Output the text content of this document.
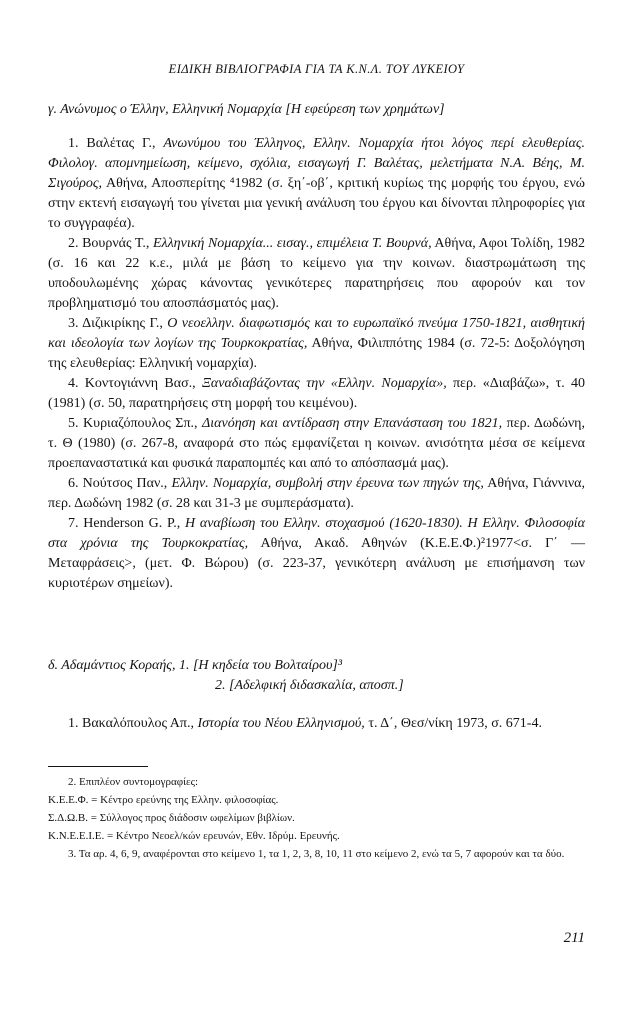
ΕΙΔΙΚΗ ΒΙΒΛΙΟΓΡΑΦΙΑ ΓΙΑ ΤΑ Κ.Ν.Λ. ΤΟΥ ΛΥΚΕΙΟΥ

γ. Ανώνυμος ο Έλλην, Ελληνική Νομαρχία [Η εφεύρεση των χρημάτων]

1. Βαλέτας Γ., Ανωνύμου του Έλληνος, Ελλην. Νομαρχία ήτοι λόγος περί ελευθερίας. Φιλολογ. απομνημείωση, κείμενο, σχόλια, εισαγωγή Γ. Βαλέτας, μελετήματα Ν.Α. Βέης, Μ. Σιγούρος, Αθήνα, Αποσπερίτης ⁴1982 (σ. ξη΄-οβ΄, κριτική κυρίως της μορφής του έργου, ενώ στην εκτενή εισαγωγή του γίνεται μια γενική ανάλυση του έργου και δίνονται πληροφορίες για το συγγραφέα).

2. Βουρνάς Τ., Ελληνική Νομαρχία... εισαγ., επιμέλεια Τ. Βουρνά, Αθήνα, Αφοι Τολίδη, 1982 (σ. 16 και 22 κ.ε., μιλά με βάση το κείμενο για την κοινων. διαστρωμάτωση της υποδουλωμένης χώρας κάνοντας γενικότερες παρατηρήσεις που αφορούν και τον προβληματισμό του αποσπάσματός μας).

3. Διζικιρίκης Γ., Ο νεοελλην. διαφωτισμός και το ευρωπαϊκό πνεύμα 1750-1821, αισθητική και ιδεολογία των λογίων της Τουρκοκρατίας, Αθήνα, Φιλιππότης 1984 (σ. 72-5: Δοξολόγηση της ελευθερίας: Ελληνική νομαρχία).

4. Κοντογιάννη Βασ., Ξαναδιαβάζοντας την «Ελλην. Νομαρχία», περ. «Διαβάζω», τ. 40 (1981) (σ. 50, παρατηρήσεις στη μορφή του κειμένου).

5. Κυριαζόπουλος Σπ., Διανόηση και αντίδραση στην Επανάσταση του 1821, περ. Δωδώνη, τ. Θ (1980) (σ. 267-8, αναφορά στο πώς εμφανίζεται η κοινων. ανισότητα μέσα σε κείμενα προεπαναστατικά και φυσικά παραπομπές και από το απόσπασμά μας).

6. Νούτσος Παν., Ελλην. Νομαρχία, συμβολή στην έρευνα των πηγών της, Αθήνα, Γιάννινα, περ. Δωδώνη 1982 (σ. 28 και 31-3 με συμπεράσματα).

7. Henderson G. P., Η αναβίωση του Ελλην. στοχασμού (1620-1830). Η Ελλην. Φιλοσοφία στα χρόνια της Τουρκοκρατίας, Αθήνα, Ακαδ. Αθηνών (Κ.Ε.Ε.Φ.)²1977<σ. Γ΄ — Μεταφράσεις>, (μετ. Φ. Βώρου) (σ. 223-37, γενικότερη ανάλυση με επισήμανση των κυριοτέρων σημείων).

δ. Αδαμάντιος Κοραής, 1. [Η κηδεία του Βολταίρου]³
2. [Αδελφική διδασκαλία, αποσπ.]

1. Βακαλόπουλος Απ., Ιστορία του Νέου Ελληνισμού, τ. Δ΄, Θεσ/νίκη 1973, σ. 671-4.

2. Επιπλέον συντομογραφίες:

Κ.Ε.Ε.Φ. = Κέντρο ερεύνης της Ελλην. φιλοσοφίας.

Σ.Δ.Ω.Β. = Σύλλογος προς διάδοσιν ωφελίμων βιβλίων.

Κ.Ν.Ε.Ε.Ι.Ε. = Κέντρο Νεοελ/κών ερευνών, Εθν. Ιδρύμ. Ερευνής.

3. Τα αρ. 4, 6, 9, αναφέρονται στο κείμενο 1, τα 1, 2, 3, 8, 10, 11 στο κείμενο 2, ενώ τα 5, 7 αφορούν και τα δύο.

211
